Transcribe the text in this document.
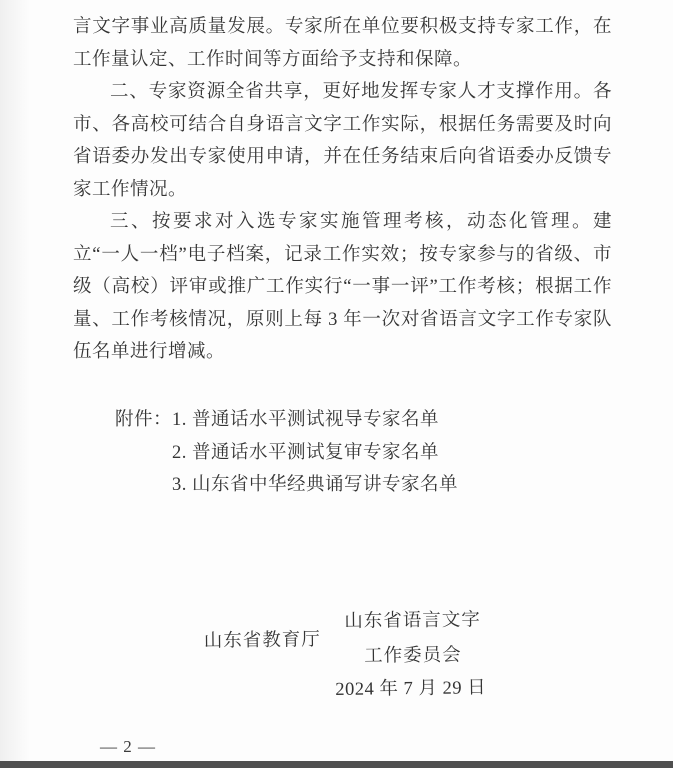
言文字事业高质量发展。专家所在单位要积极支持专家工作，在工作量认定、工作时间等方面给予支持和保障。

二、专家资源全省共享，更好地发挥专家人才支撑作用。各市、各高校可结合自身语言文字工作实际，根据任务需要及时向省语委办发出专家使用申请，并在任务结束后向省语委办反馈专家工作情况。

三、按要求对入选专家实施管理考核，动态化管理。建立“一人一档”电子档案，记录工作实效；按专家参与的省级、市级（高校）评审或推广工作实行“一事一评”工作考核；根据工作量、工作考核情况，原则上每 3 年一次对省语言文字工作专家队伍名单进行增减。

附件： 1. 普通话水平测试视导专家名单
2. 普通话水平测试复审专家名单
3. 山东省中华经典诵写讲专家名单
山东省教育厅
山东省语言文字
工作委员会
2024 年 7 月 29 日
— 2 —
